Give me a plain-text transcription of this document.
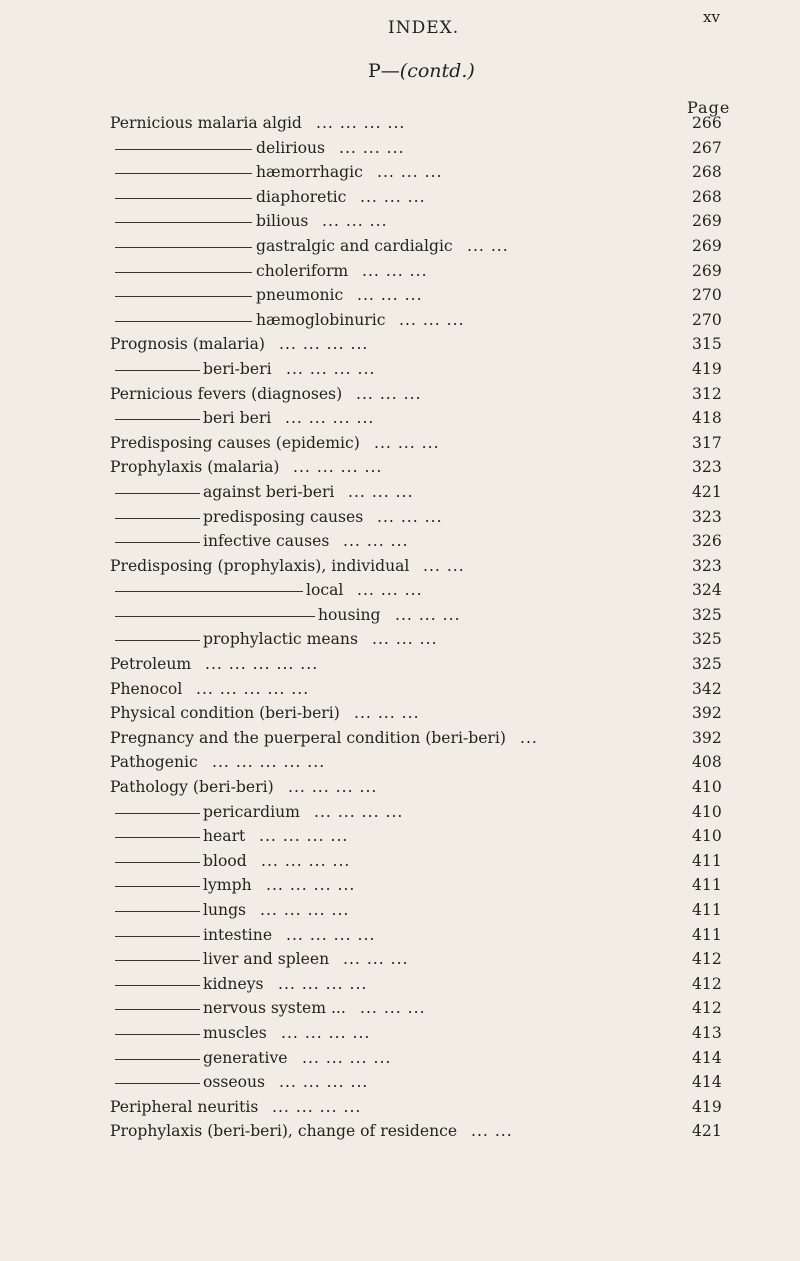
INDEX.
xv
P—(contd.)
Page
Pernicious malaria algid ... ... ... ...	266
delirious ... ... ...	267
hæmorrhagic ... ... ...	268
diaphoretic ... ... ...	268
bilious ... ... ...	269
gastralgic and cardialgic ... ...	269
choleriform ... ... ...	269
pneumonic ... ... ...	270
hæmoglobinuric ... ... ...	270
Prognosis (malaria) ... ... ... ...	315
beri-beri ... ... ... ...	419
Pernicious fevers (diagnoses) ... ... ...	312
beri beri ... ... ... ...	418
Predisposing causes (epidemic) ... ... ...	317
Prophylaxis (malaria) ... ... ... ...	323
against beri-beri ... ... ...	421
predisposing causes ... ... ...	323
infective causes ... ... ...	326
Predisposing (prophylaxis), individual ... ...	323
local ... ... ...	324
housing ... ... ...	325
prophylactic means ... ... ...	325
Petroleum ... ... ... ... ...	325
Phenocol ... ... ... ... ...	342
Physical condition (beri-beri) ... ... ...	392
Pregnancy and the puerperal condition (beri-beri) ...	392
Pathogenic ... ... ... ... ...	408
Pathology (beri-beri) ... ... ... ...	410
pericardium ... ... ... ...	410
heart ... ... ... ...	410
blood ... ... ... ...	411
lymph ... ... ... ...	411
lungs ... ... ... ...	411
intestine ... ... ... ...	411
liver and spleen ... ... ...	412
kidneys ... ... ... ...	412
nervous system ... ... ... ...	412
muscles ... ... ... ...	413
generative ... ... ... ...	414
osseous ... ... ... ...	414
Peripheral neuritis ... ... ... ...	419
Prophylaxis (beri-beri), change of residence ... ...	421
